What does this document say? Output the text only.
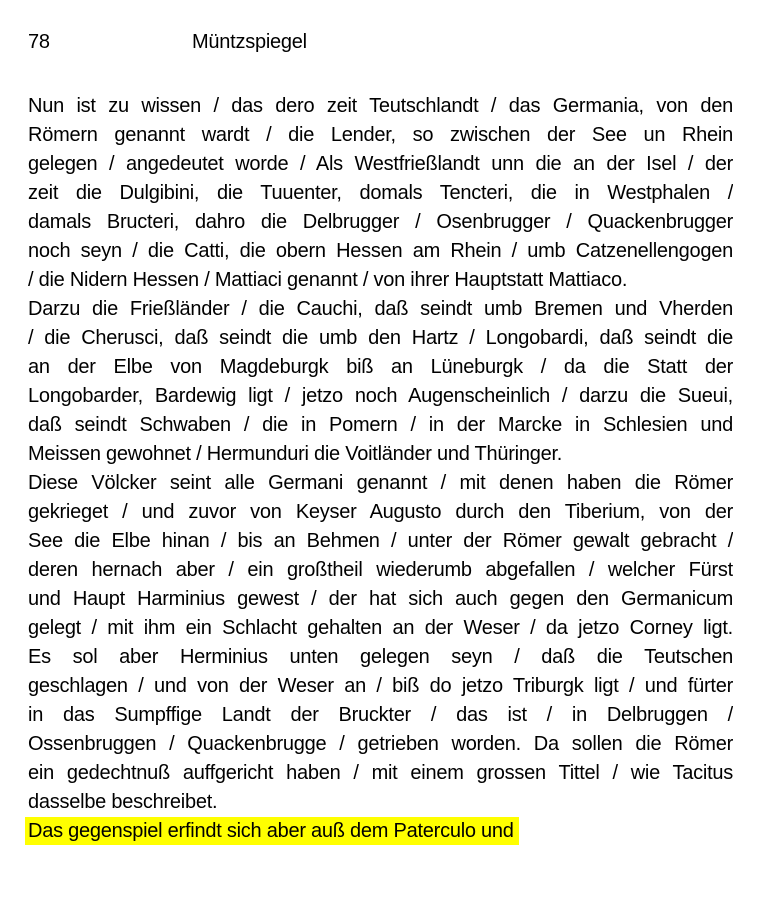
78	Müntzspiegel
Nun ist zu wissen / das dero zeit Teutschlandt / das Germania, von den
Römern genannt wardt / die Lender, so zwischen der See un Rhein
gelegen / angedeutet worde / Als Westfrießlandt unn die an der Isel / der
zeit die Dulgibini, die Tuuenter, domals Tencteri, die in Westphalen /
damals Bructeri, dahro die Delbrugger / Osenbrugger / Quackenbrugger
noch seyn / die Catti, die obern Hessen am Rhein / umb Catzenellengogen
/ die Nidern Hessen / Mattiaci genannt / von ihrer Hauptstatt Mattiaco.
Darzu die Frießländer / die Cauchi, daß seindt umb Bremen und Vherden
/ die Cherusci, daß seindt die umb den Hartz / Longobardi, daß seindt die
an der Elbe von Magdeburgk biß an Lüneburgk / da die Statt der
Longobarder, Bardewig ligt / jetzo noch Augenscheinlich / darzu die Sueui,
daß seindt Schwaben / die in Pomern / in der Marcke in Schlesien und
Meissen gewohnet / Hermunduri die Voitländer und Thüringer.
Diese Völcker seint alle Germani genannt / mit denen haben die Römer
gekrieget / und zuvor von Keyser Augusto durch den Tiberium, von der
See die Elbe hinan / bis an Behmen / unter der Römer gewalt gebracht /
deren hernach aber / ein großtheil wiederumb abgefallen / welcher Fürst
und Haupt Harminius gewest / der hat sich auch gegen den Germanicum
gelegt / mit ihm ein Schlacht gehalten an der Weser / da jetzo Corney ligt.
Es sol aber Herminius unten gelegen seyn / daß die Teutschen
geschlagen / und von der Weser an / biß do jetzo Triburgk ligt / und fürter
in das Sumpffige Landt der Bruckter / das ist / in Delbruggen /
Ossenbruggen / Quackenbrugge / getrieben worden. Da sollen die Römer
ein gedechtnuß auffgericht haben / mit einem grossen Tittel / wie Tacitus
dasselbe beschreibet.
Das gegenspiel erfindt sich aber auß dem Paterculo und
